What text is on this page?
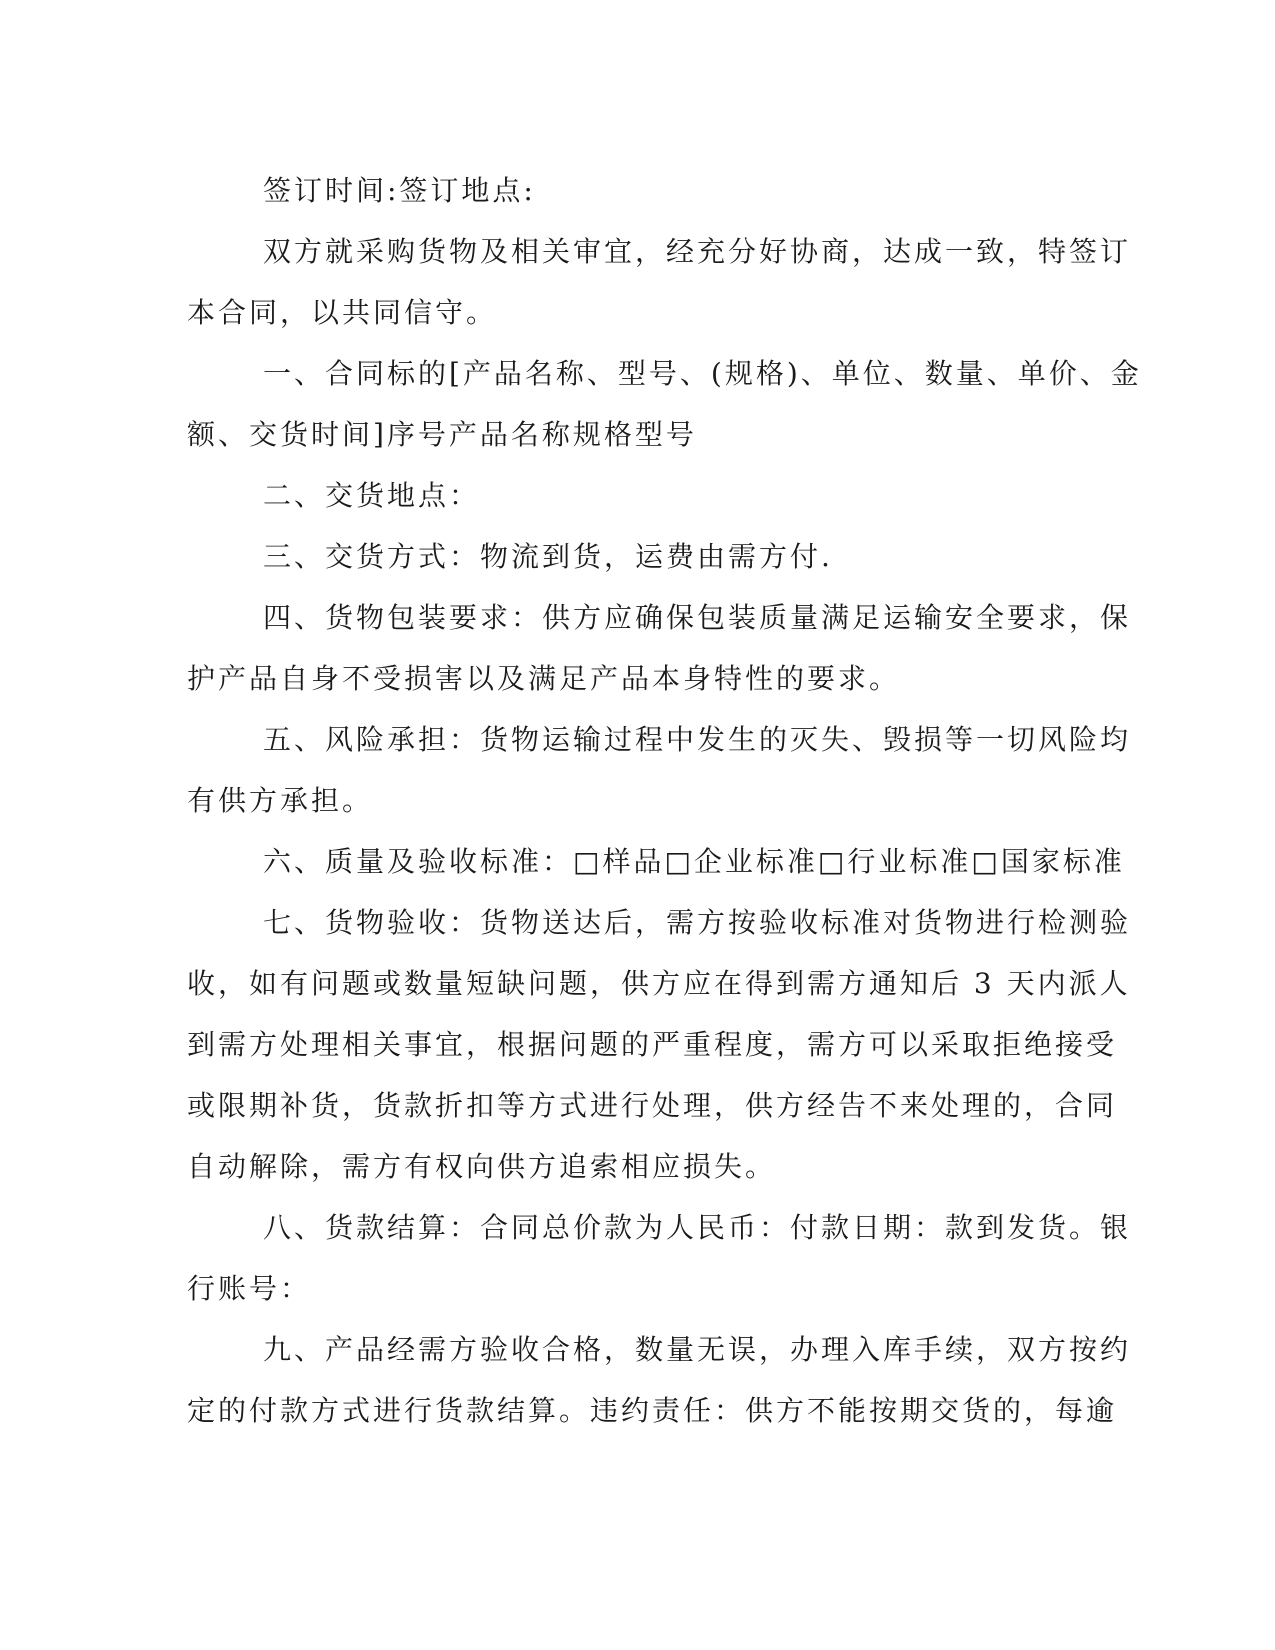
签订时间:签订地点:
双方就采购货物及相关审宜，经充分好协商，达成一致，特签订
本合同，以共同信守。
一、合同标的[产品名称、型号、(规格)、单位、数量、单价、金
额、交货时间]序号产品名称规格型号
二、交货地点：
三、交货方式：物流到货，运费由需方付.
四、货物包装要求：供方应确保包装质量满足运输安全要求，保
护产品自身不受损害以及满足产品本身特性的要求。
五、风险承担：货物运输过程中发生的灭失、毁损等一切风险均
有供方承担。
六、质量及验收标准：□样品□企业标准□行业标准□国家标准
七、货物验收：货物送达后，需方按验收标准对货物进行检测验
收，如有问题或数量短缺问题，供方应在得到需方通知后 3 天内派人
到需方处理相关事宜，根据问题的严重程度，需方可以采取拒绝接受
或限期补货，货款折扣等方式进行处理，供方经告不来处理的，合同
自动解除，需方有权向供方追索相应损失。
八、货款结算：合同总价款为人民币：付款日期：款到发货。银
行账号：
九、产品经需方验收合格，数量无误，办理入库手续，双方按约
定的付款方式进行货款结算。违约责任：供方不能按期交货的，每逾
